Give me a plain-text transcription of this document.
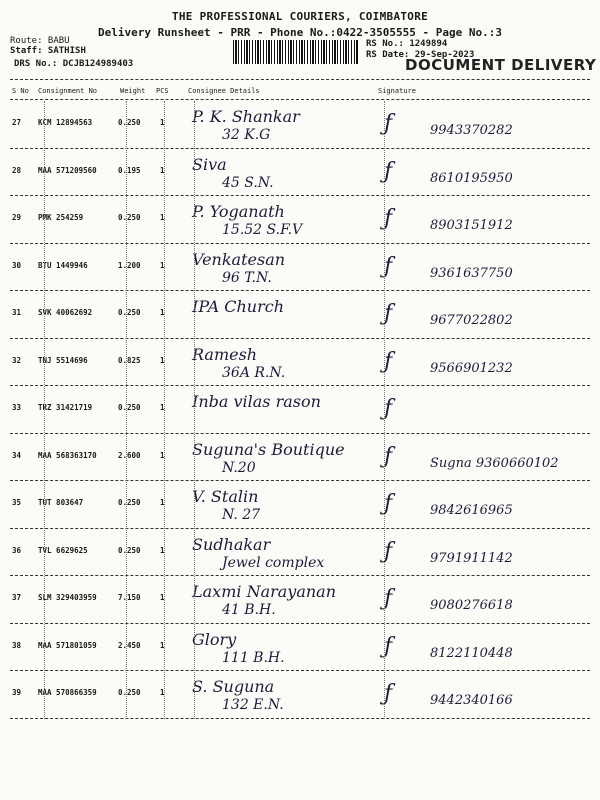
THE PROFESSIONAL COURIERS, COIMBATORE
Delivery Runsheet - PRR - Phone No.:0422-3505555 - Page No.:3
Route: BABU
Staff: SATHISH
DRS No.: DCJB124989403
RS No.: 1249894
RS Date: 29-Sep-2023
DOCUMENT DELIVERY
S No Consignment No	Weight PCS	Consignee Details	Signature
27 KCM 12894563	0.250	1 P. K. Shankar
32 K.G	ƒ	9943370282
28 MAA 571209560	0.195	1 Siva
45 S.N.	ƒ	8610195950
29 PMK 254259	0.250	1 P. Yoganath
15.52 S.F.V	ƒ	8903151912
30 BTU 1449946	1.200	1 Venkatesan
96 T.N.	ƒ	9361637750
31 SVK 40062692	0.250	1 IPA Church	ƒ	9677022802
32 TNJ 5514696	0.825	1 Ramesh
36A R.N.	ƒ	9566901232
33 TRZ 31421719	0.250	1 Inba vilas rason	ƒ
34 MAA 568363170	2.600	1 Suguna's Boutique
N.20	ƒ	Sugna 9360660102
35 TUT 803647	0.250	1 V. Stalin
N. 27	ƒ	9842616965
36 TVL 6629625	0.250	1 Sudhakar
Jewel complex	ƒ	9791911142
37 SLM 329403959	7.150	1 Laxmi Narayanan
41 B.H.	ƒ	9080276618
38 MAA 571801059	2.450	1 Glory
111 B.H.	ƒ	8122110448
39 MAA 570866359	0.250	1 S. Suguna
132 E.N.	ƒ	9442340166
